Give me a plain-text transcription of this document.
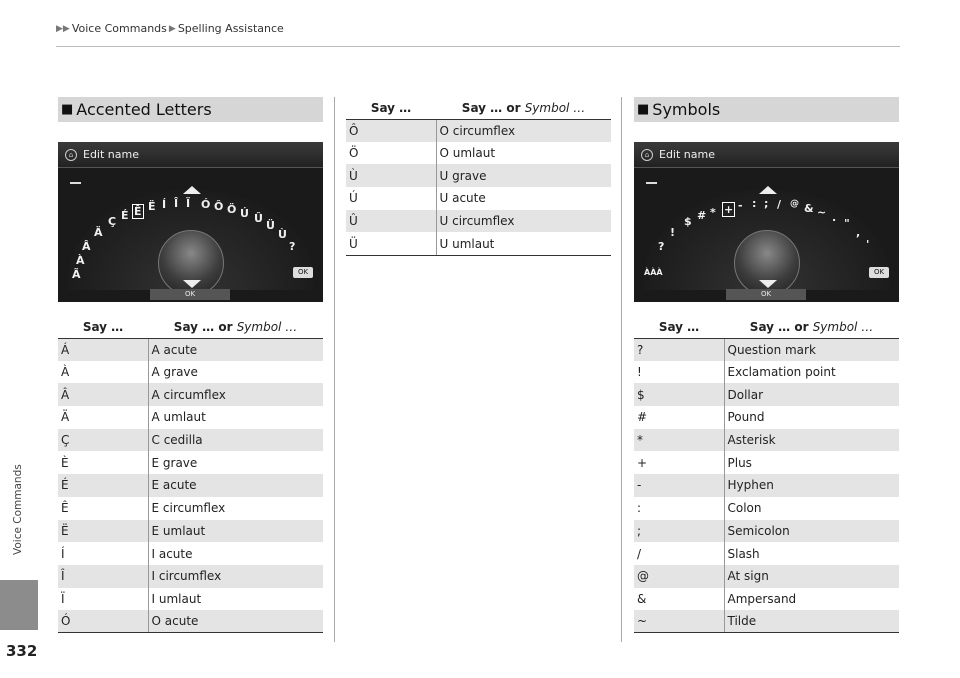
▶▶ Voice Commands ▶ Spelling Assistance
Voice Commands
332
■ Accented Letters
⌂ Edit name
Ã
À
Â
Ä
Ç É Ê Ë Í Î Ï Ó Ô Ö Ú Û
Ü
Ù
?
OK
OK
Say …	Say … or Symbol …
Á	A acute
À	A grave
Â	A circumflex
Ä	A umlaut
Ç	C cedilla
È	E grave
É	E acute
Ê	E circumflex
Ë	E umlaut
Í	I acute
Î	I circumflex
Ï	I umlaut
Ó	O acute
Say …	Say … or Symbol …
Ô	O circumflex
Ö	O umlaut
Ù	U grave
Ú	U acute
Û	U circumflex
Ü	U umlaut
■ Symbols
⌂ Edit name
ÀÀÀ
?
!
$ # * + - : ; / @ & ~ . "
,
'
OK
OK
Say …	Say … or Symbol …
?	Question mark
!	Exclamation point
$	Dollar
#	Pound
*	Asterisk
+	Plus
-	Hyphen
:	Colon
;	Semicolon
/	Slash
@	At sign
&	Ampersand
~	Tilde
